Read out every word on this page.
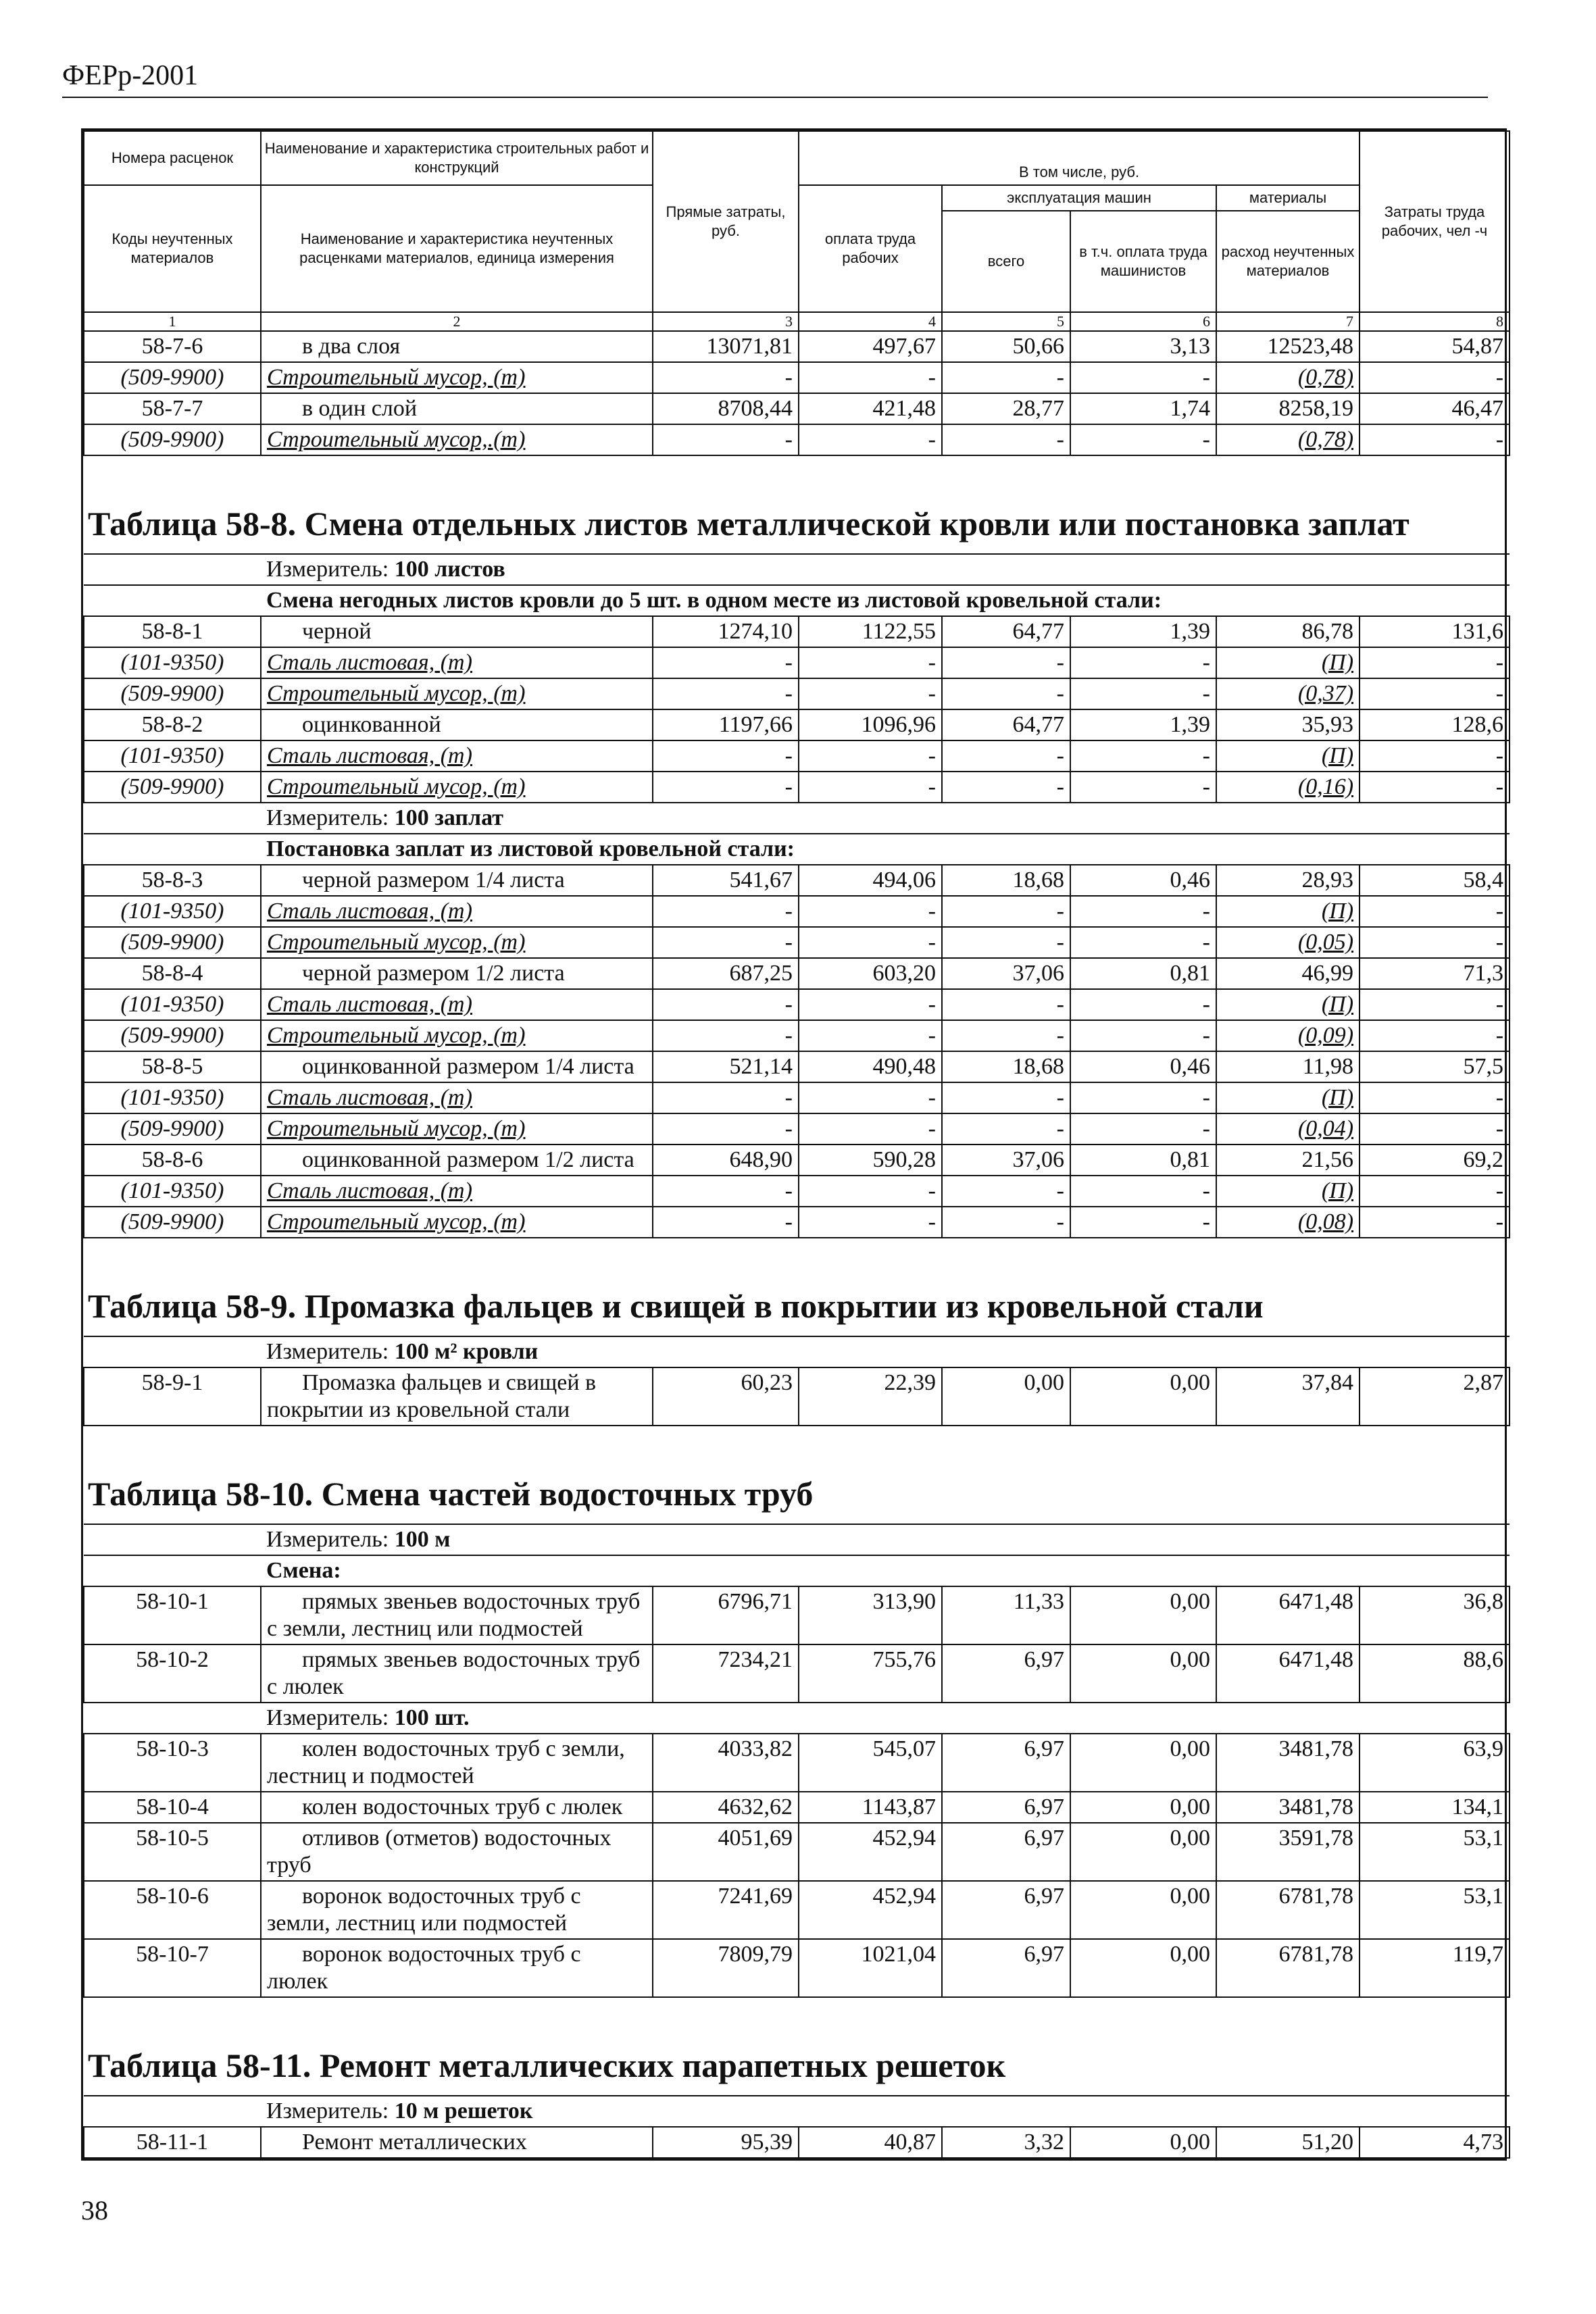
ФЕРр-2001
Номера расценок	Наименование и характеристика строительных работ и конструкций	Прямые затраты, руб.	В том числе, руб.				Затраты труда рабочих, чел -ч
Коды неучтенных материалов	Наименование и характеристика неучтенных расценками материалов, единица измерения		оплата труда рабочих	эксплуатация машин		материалы	
				всего	в т.ч. оплата труда машинистов	расход неучтенных материалов	
1	2	3	4	5	6	7	8
58-7-6	в два слоя	13071,81	497,67	50,66	3,13	12523,48	54,87
(509-9900)	Строительный мусор, (т)	-	-	-	-	(0,78)	-
58-7-7	в один слой	8708,44	421,48	28,77	1,74	8258,19	46,47
(509-9900)	Строительный мусор,.(т)	-	-	-	-	(0,78)	-
Таблица 58-8. Смена отдельных листов металлической кровли или постановка заплат							
Измеритель: 100 листов							
Смена негодных листов кровли до 5 шт. в одном месте из листовой кровельной стали:							
58-8-1	черной	1274,10	1122,55	64,77	1,39	86,78	131,6
(101-9350)	Сталь листовая, (т)	-	-	-	-	(П)	-
(509-9900)	Строительный мусор, (т)	-	-	-	-	(0,37)	-
58-8-2	оцинкованной	1197,66	1096,96	64,77	1,39	35,93	128,6
(101-9350)	Сталь листовая, (т)	-	-	-	-	(П)	-
(509-9900)	Строительный мусор, (т)	-	-	-	-	(0,16)	-
Измеритель: 100 заплат							
Постановка заплат из листовой кровельной стали:							
58-8-3	черной размером 1/4 листа	541,67	494,06	18,68	0,46	28,93	58,4
(101-9350)	Сталь листовая, (т)	-	-	-	-	(П)	-
(509-9900)	Строительный мусор, (т)	-	-	-	-	(0,05)	-
58-8-4	черной размером 1/2 листа	687,25	603,20	37,06	0,81	46,99	71,3
(101-9350)	Сталь листовая, (т)	-	-	-	-	(П)	-
(509-9900)	Строительный мусор, (т)	-	-	-	-	(0,09)	-
58-8-5	оцинкованной размером 1/4 листа	521,14	490,48	18,68	0,46	11,98	57,5
(101-9350)	Сталь листовая, (т)	-	-	-	-	(П)	-
(509-9900)	Строительный мусор, (т)	-	-	-	-	(0,04)	-
58-8-6	оцинкованной размером 1/2 листа	648,90	590,28	37,06	0,81	21,56	69,2
(101-9350)	Сталь листовая, (т)	-	-	-	-	(П)	-
(509-9900)	Строительный мусор, (т)	-	-	-	-	(0,08)	-
Таблица 58-9. Промазка фальцев и свищей в покрытии из кровельной стали							
Измеритель: 100 м² кровли							
58-9-1	Промазка фальцев и свищей в покрытии из кровельной стали	60,23	22,39	0,00	0,00	37,84	2,87
Таблица 58-10. Смена частей водосточных труб							
Измеритель: 100 м							
Смена:							
58-10-1	прямых звеньев водосточных труб с земли, лестниц или подмостей	6796,71	313,90	11,33	0,00	6471,48	36,8
58-10-2	прямых звеньев водосточных труб с люлек	7234,21	755,76	6,97	0,00	6471,48	88,6
Измеритель: 100 шт.							
58-10-3	колен водосточных труб с земли, лестниц и подмостей	4033,82	545,07	6,97	0,00	3481,78	63,9
58-10-4	колен водосточных труб с люлек	4632,62	1143,87	6,97	0,00	3481,78	134,1
58-10-5	отливов (отметов) водосточных труб	4051,69	452,94	6,97	0,00	3591,78	53,1
58-10-6	воронок водосточных труб с земли, лестниц или подмостей	7241,69	452,94	6,97	0,00	6781,78	53,1
58-10-7	воронок водосточных труб с люлек	7809,79	1021,04	6,97	0,00	6781,78	119,7
Таблица 58-11. Ремонт металлических парапетных решеток							
Измеритель: 10 м решеток							
58-11-1	Ремонт металлических	95,39	40,87	3,32	0,00	51,20	4,73
38
